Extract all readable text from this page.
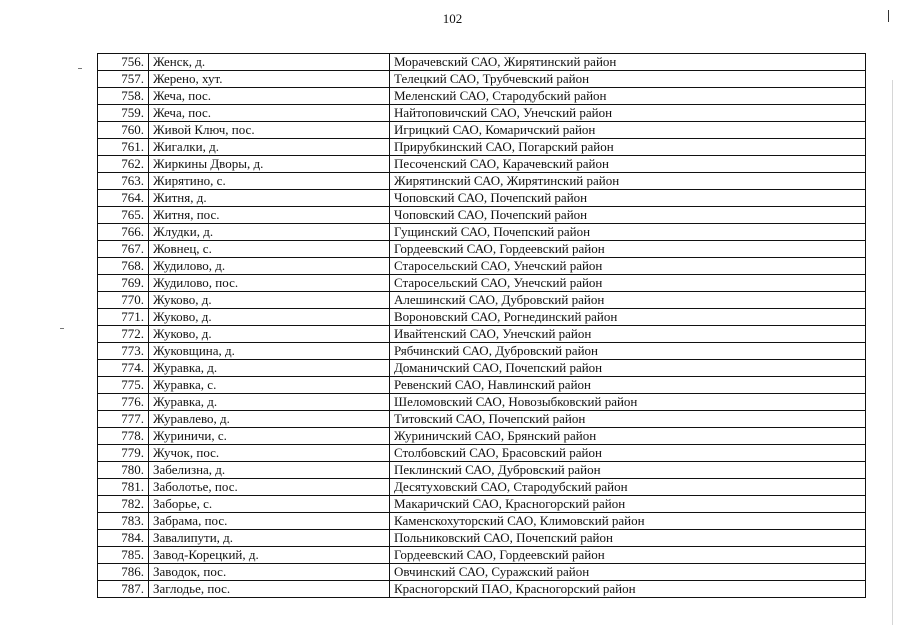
102
756.	Женск, д.	Морачевский САО, Жирятинский район
757.	Жерено, хут.	Телецкий САО, Трубчевский район
758.	Жеча, пос.	Меленский САО, Стародубский район
759.	Жеча, пос.	Найтоповичский САО, Унечский район
760.	Живой Ключ, пос.	Игрицкий САО, Комаричский район
761.	Жигалки, д.	Прирубкинский САО, Погарский район
762.	Жиркины Дворы, д.	Песоченский САО, Карачевский район
763.	Жирятино, с.	Жирятинский САО, Жирятинский район
764.	Житня, д.	Чоповский САО, Почепский район
765.	Житня, пос.	Чоповский САО, Почепский район
766.	Жлудки, д.	Гущинский САО, Почепский район
767.	Жовнец, с.	Гордеевский САО, Гордеевский район
768.	Жудилово, д.	Старосельский САО, Унечский район
769.	Жудилово, пос.	Старосельский САО, Унечский район
770.	Жуково, д.	Алешинский САО, Дубровский район
771.	Жуково, д.	Вороновский САО, Рогнединский район
772.	Жуково, д.	Ивайтенский САО, Унечский район
773.	Жуковщина, д.	Рябчинский САО, Дубровский район
774.	Журавка, д.	Доманичский САО, Почепский район
775.	Журавка, с.	Ревенский САО, Навлинский район
776.	Журавка, д.	Шеломовский САО, Новозыбковский район
777.	Журавлево, д.	Титовский САО, Почепский район
778.	Журиничи, с.	Журиничский САО, Брянский район
779.	Жучок, пос.	Столбовский САО, Брасовский район
780.	Забелизна, д.	Пеклинский САО, Дубровский район
781.	Заболотье, пос.	Десятуховский САО, Стародубский район
782.	Заборье, с.	Макаричский САО, Красногорский район
783.	Забрама, пос.	Каменскохуторский САО, Климовский район
784.	Завалипути, д.	Польниковский САО, Почепский район
785.	Завод-Корецкий, д.	Гордеевский САО, Гордеевский район
786.	Заводок, пос.	Овчинский САО, Суражский район
787.	Заглодье, пос.	Красногорский ПАО, Красногорский район
